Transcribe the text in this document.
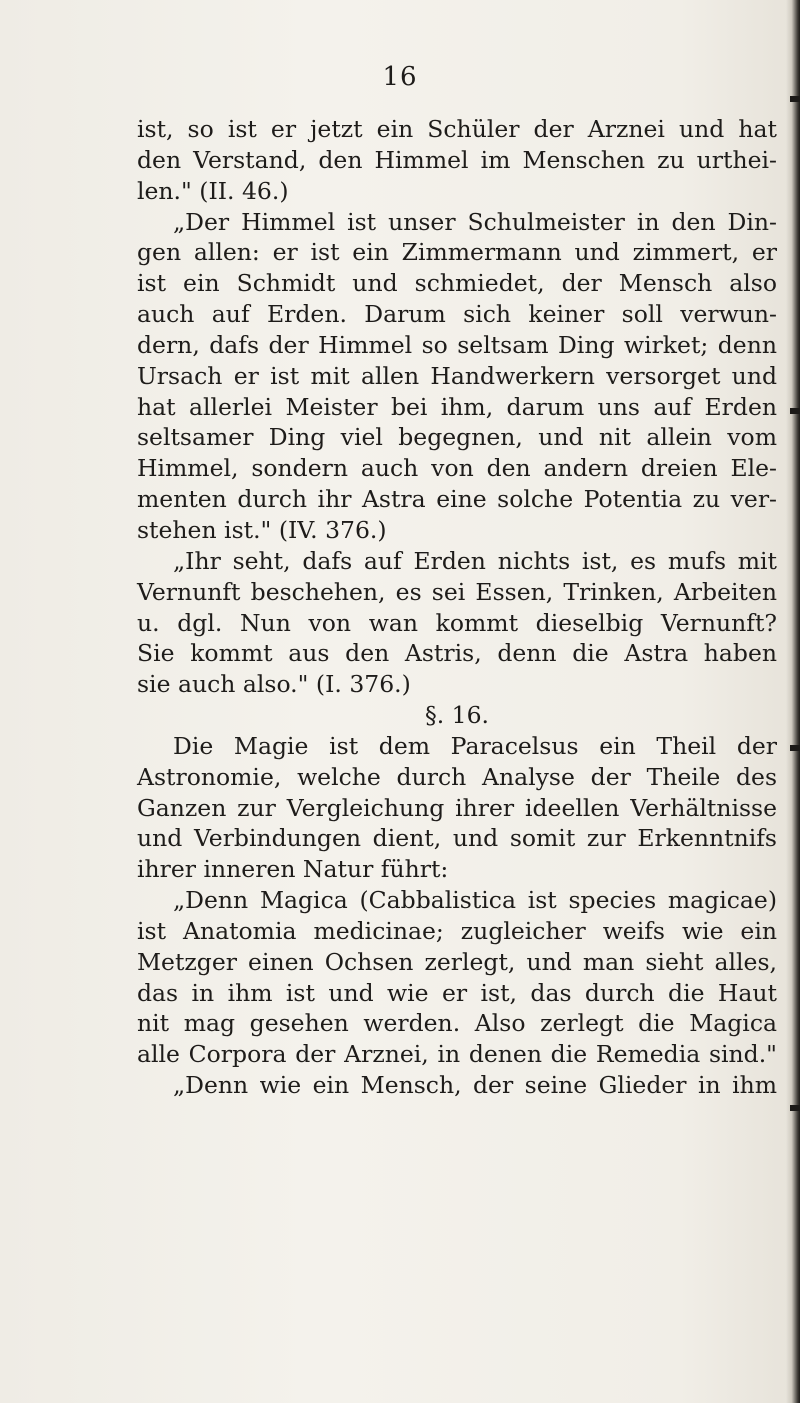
16
ist, so ist er jetzt ein Schüler der Arznei und hat
den Verstand, den Himmel im Menschen zu urthei-
len." (II. 46.)
„Der Himmel ist unser Schulmeister in den Din-
gen allen: er ist ein Zimmermann und zimmert, er
ist ein Schmidt und schmiedet, der Mensch also
auch auf Erden. Darum sich keiner soll verwun-
dern, dafs der Himmel so seltsam Ding wirket; denn
Ursach er ist mit allen Handwerkern versorget und
hat allerlei Meister bei ihm, darum uns auf Erden
seltsamer Ding viel begegnen, und nit allein vom
Himmel, sondern auch von den andern dreien Ele-
menten durch ihr Astra eine solche Potentia zu ver-
stehen ist." (IV. 376.)
„Ihr seht, dafs auf Erden nichts ist, es mufs mit
Vernunft beschehen, es sei Essen, Trinken, Arbeiten
u. dgl. Nun von wan kommt dieselbig Vernunft?
Sie kommt aus den Astris, denn die Astra haben
sie auch also." (I. 376.)
§. 16.
Die Magie ist dem Paracelsus ein Theil der
Astronomie, welche durch Analyse der Theile des
Ganzen zur Vergleichung ihrer ideellen Verhältnisse
und Verbindungen dient, und somit zur Erkenntnifs
ihrer inneren Natur führt:
„Denn Magica (Cabbalistica ist species magicae)
ist Anatomia medicinae; zugleicher weifs wie ein
Metzger einen Ochsen zerlegt, und man sieht alles,
das in ihm ist und wie er ist, das durch die Haut
nit mag gesehen werden. Also zerlegt die Magica
alle Corpora der Arznei, in denen die Remedia sind."
„Denn wie ein Mensch, der seine Glieder in ihm
